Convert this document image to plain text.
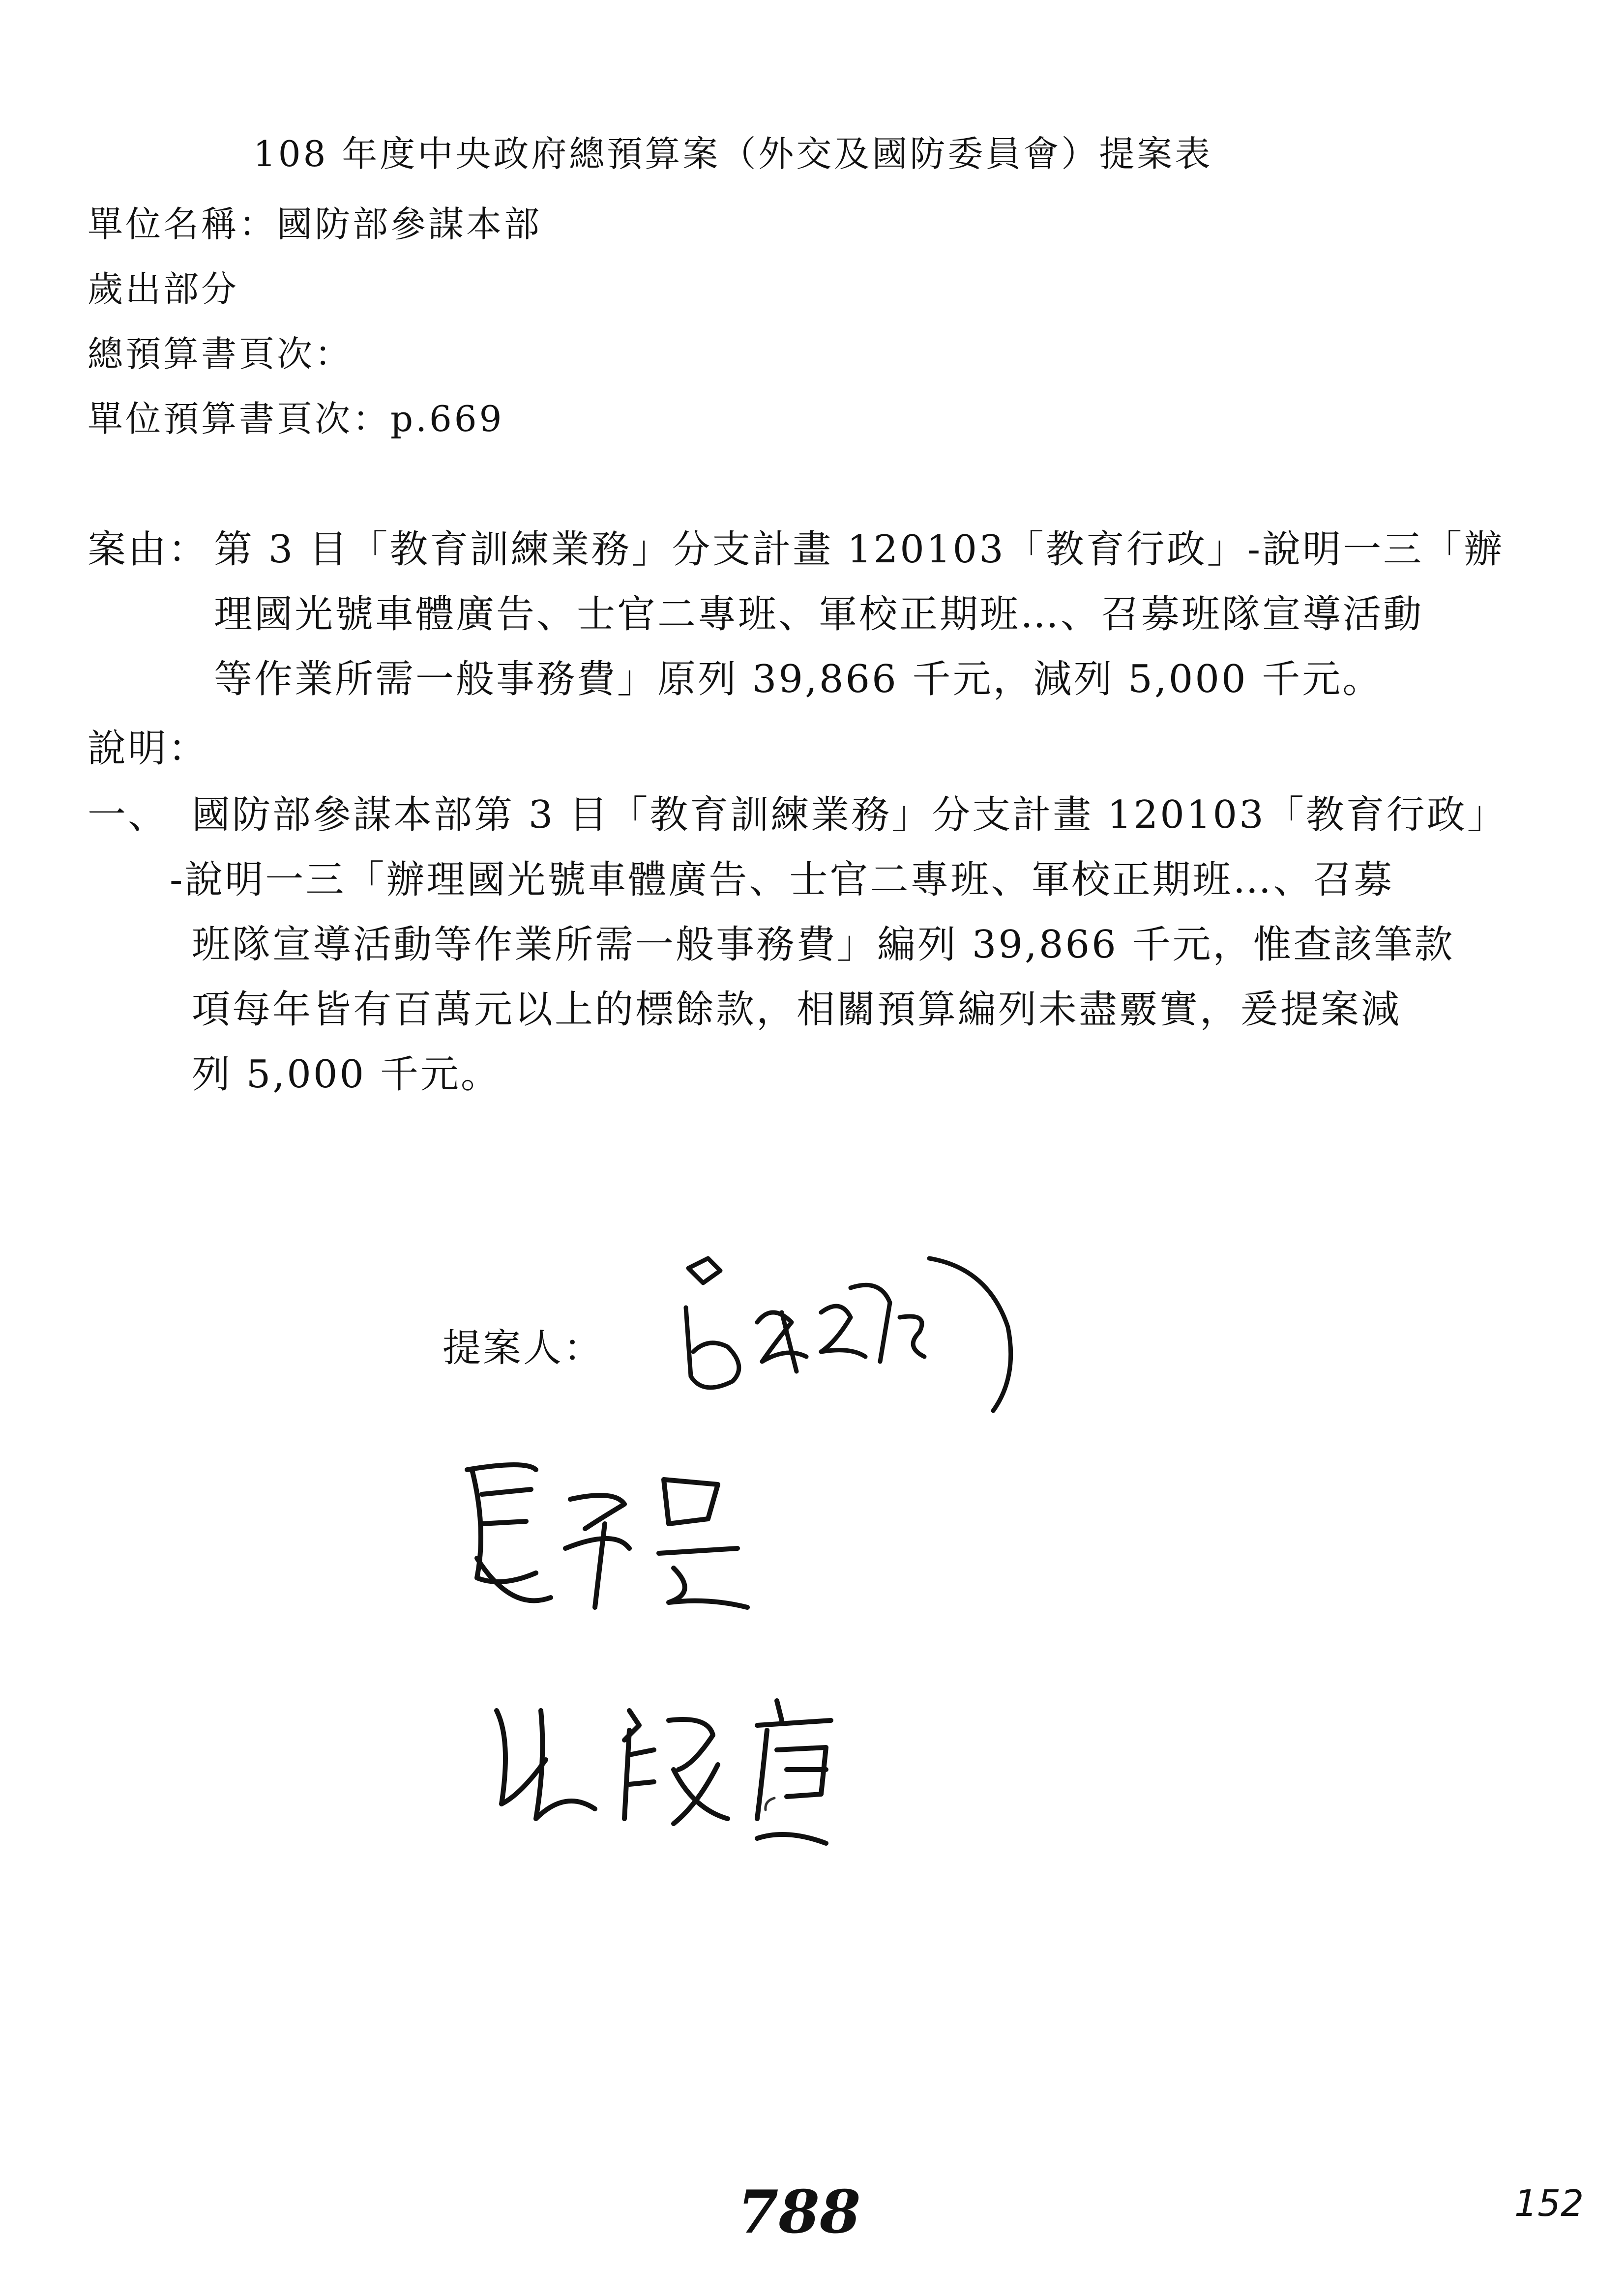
108 年度中央政府總預算案（外交及國防委員會）提案表
單位名稱：國防部參謀本部
歲出部分
總預算書頁次：
單位預算書頁次：p.669
案由： 第 3 目「教育訓練業務」分支計畫 120103「教育行政」-說明一三「辦
理國光號車體廣告、士官二專班、軍校正期班…、召募班隊宣導活動
等作業所需一般事務費」原列 39,866 千元，減列 5,000 千元。
說明：
一、 國防部參謀本部第 3 目「教育訓練業務」分支計畫 120103「教育行政」
-說明一三「辦理國光號車體廣告、士官二專班、軍校正期班…、召募
班隊宣導活動等作業所需一般事務費」編列 39,866 千元，惟查該筆款
項每年皆有百萬元以上的標餘款，相關預算編列未盡覈實，爰提案減
列 5,000 千元。
提案人：
788	152
